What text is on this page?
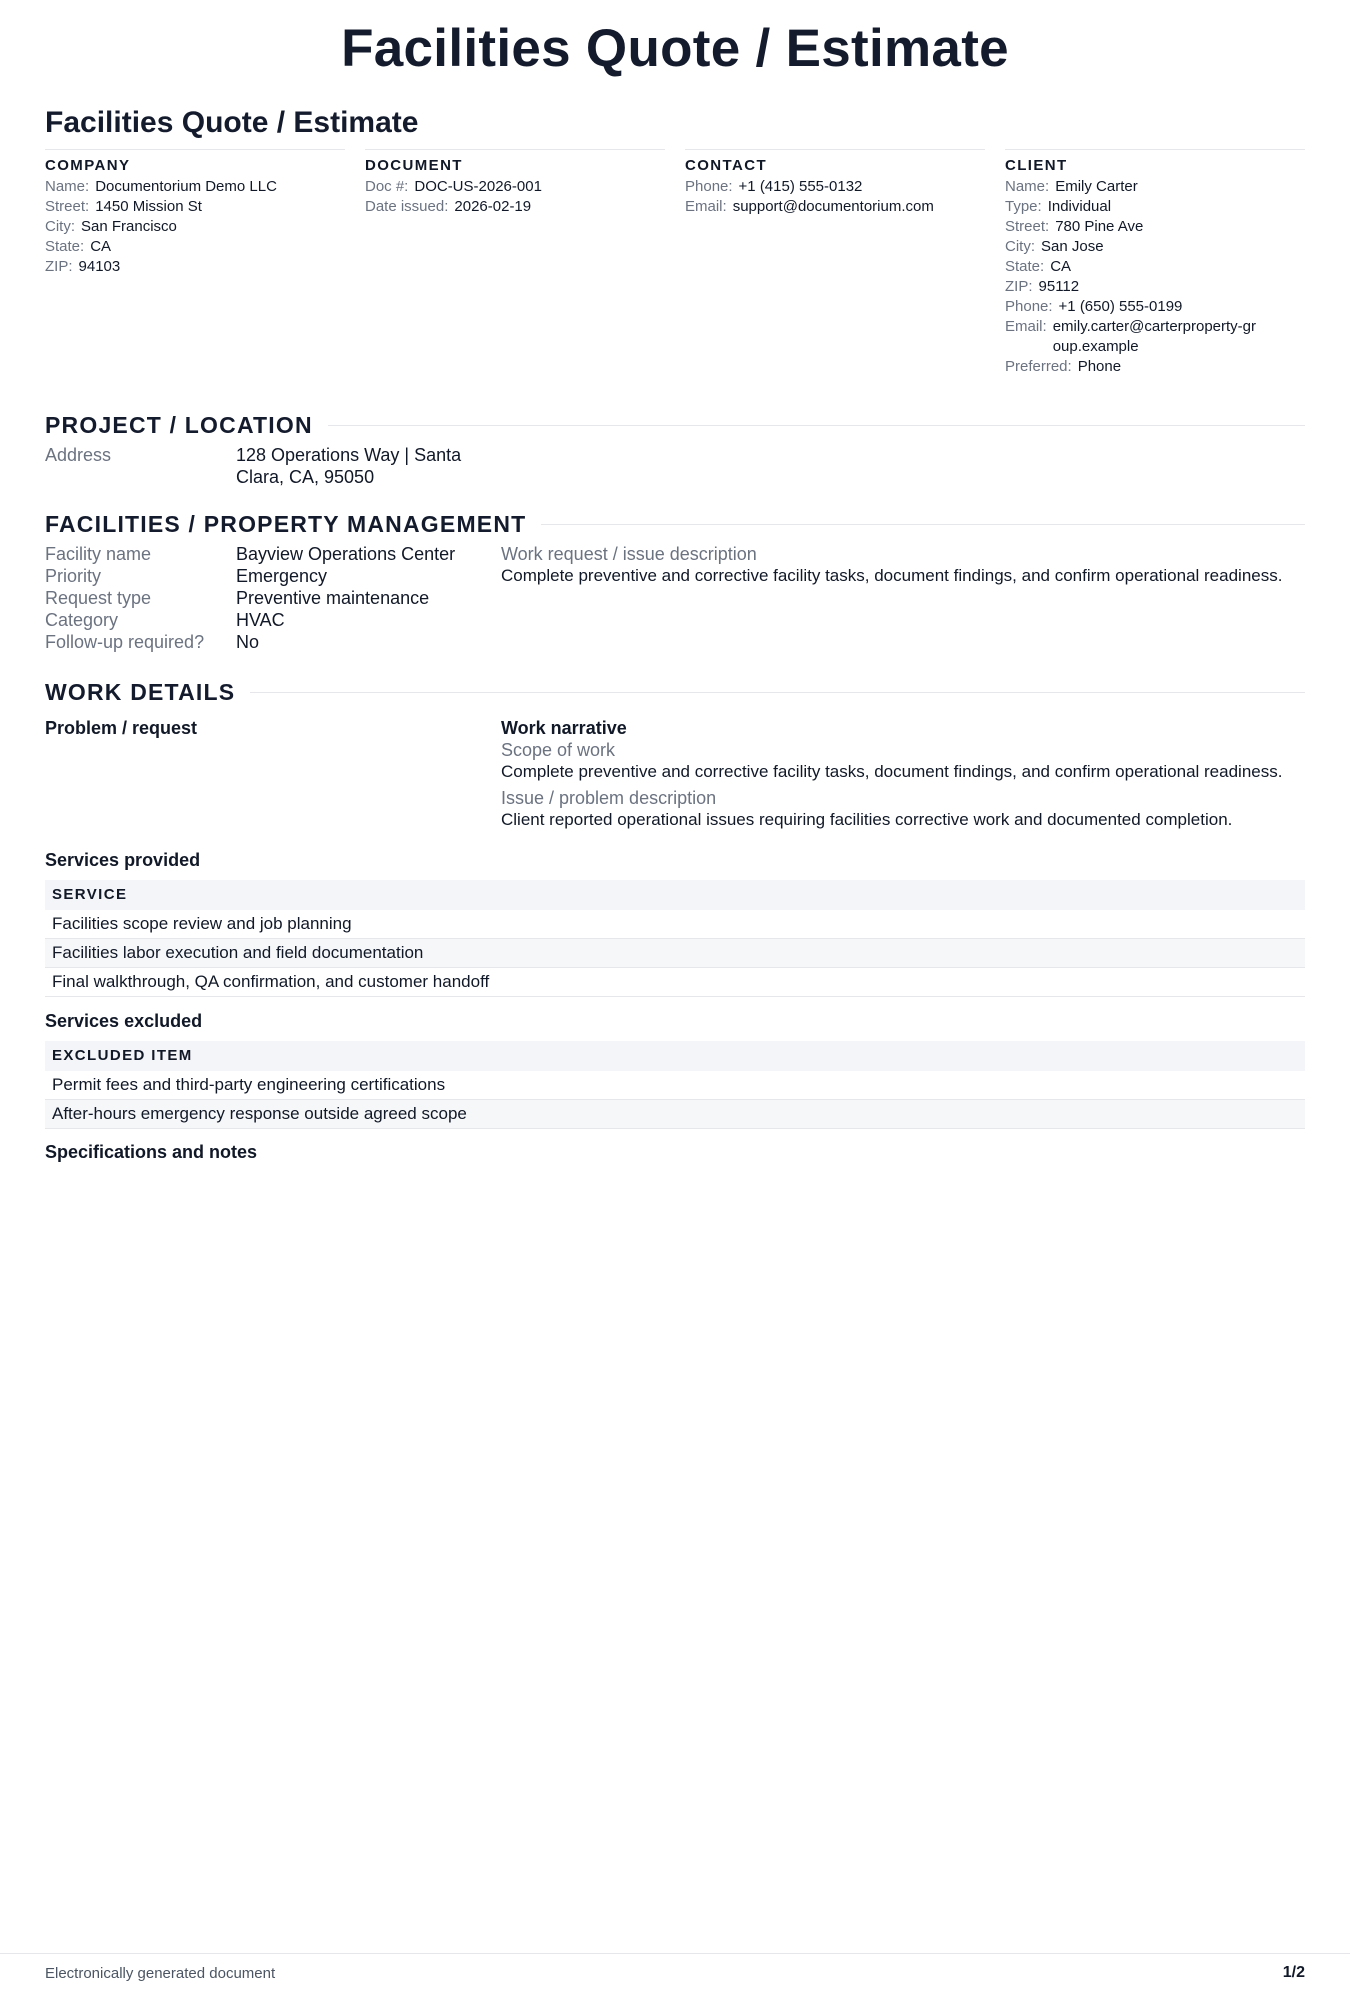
Facilities Quote / Estimate
Facilities Quote / Estimate
COMPANY
Name: Documentorium Demo LLC
Street: 1450 Mission St
City: San Francisco
State: CA
ZIP: 94103
DOCUMENT
Doc #: DOC-US-2026-001
Date issued: 2026-02-19
CONTACT
Phone: +1 (415) 555-0132
Email: support@documentorium.com
CLIENT
Name: Emily Carter
Type: Individual
Street: 780 Pine Ave
City: San Jose
State: CA
ZIP: 95112
Phone: +1 (650) 555-0199
Email: emily.carter@carterproperty-group.example
Preferred: Phone
PROJECT / LOCATION
Address	128 Operations Way | Santa
Clara, CA, 95050
FACILITIES / PROPERTY MANAGEMENT
Facility name	Bayview Operations Center
Priority	Emergency
Request type	Preventive maintenance
Category	HVAC
Follow-up required? No
Work request / issue description
Complete preventive and corrective facility tasks, document findings, and confirm operational readiness.
WORK DETAILS
Problem / request	Work narrative
Scope of work
Complete preventive and corrective facility tasks, document findings, and confirm operational readiness.
Issue / problem description
Client reported operational issues requiring facilities corrective work and documented completion.
Services provided
SERVICE
Facilities scope review and job planning
Facilities labor execution and field documentation
Final walkthrough, QA confirmation, and customer handoff
Services excluded
EXCLUDED ITEM
Permit fees and third-party engineering certifications
After-hours emergency response outside agreed scope
Specifications and notes
Electronically generated document	1/2
